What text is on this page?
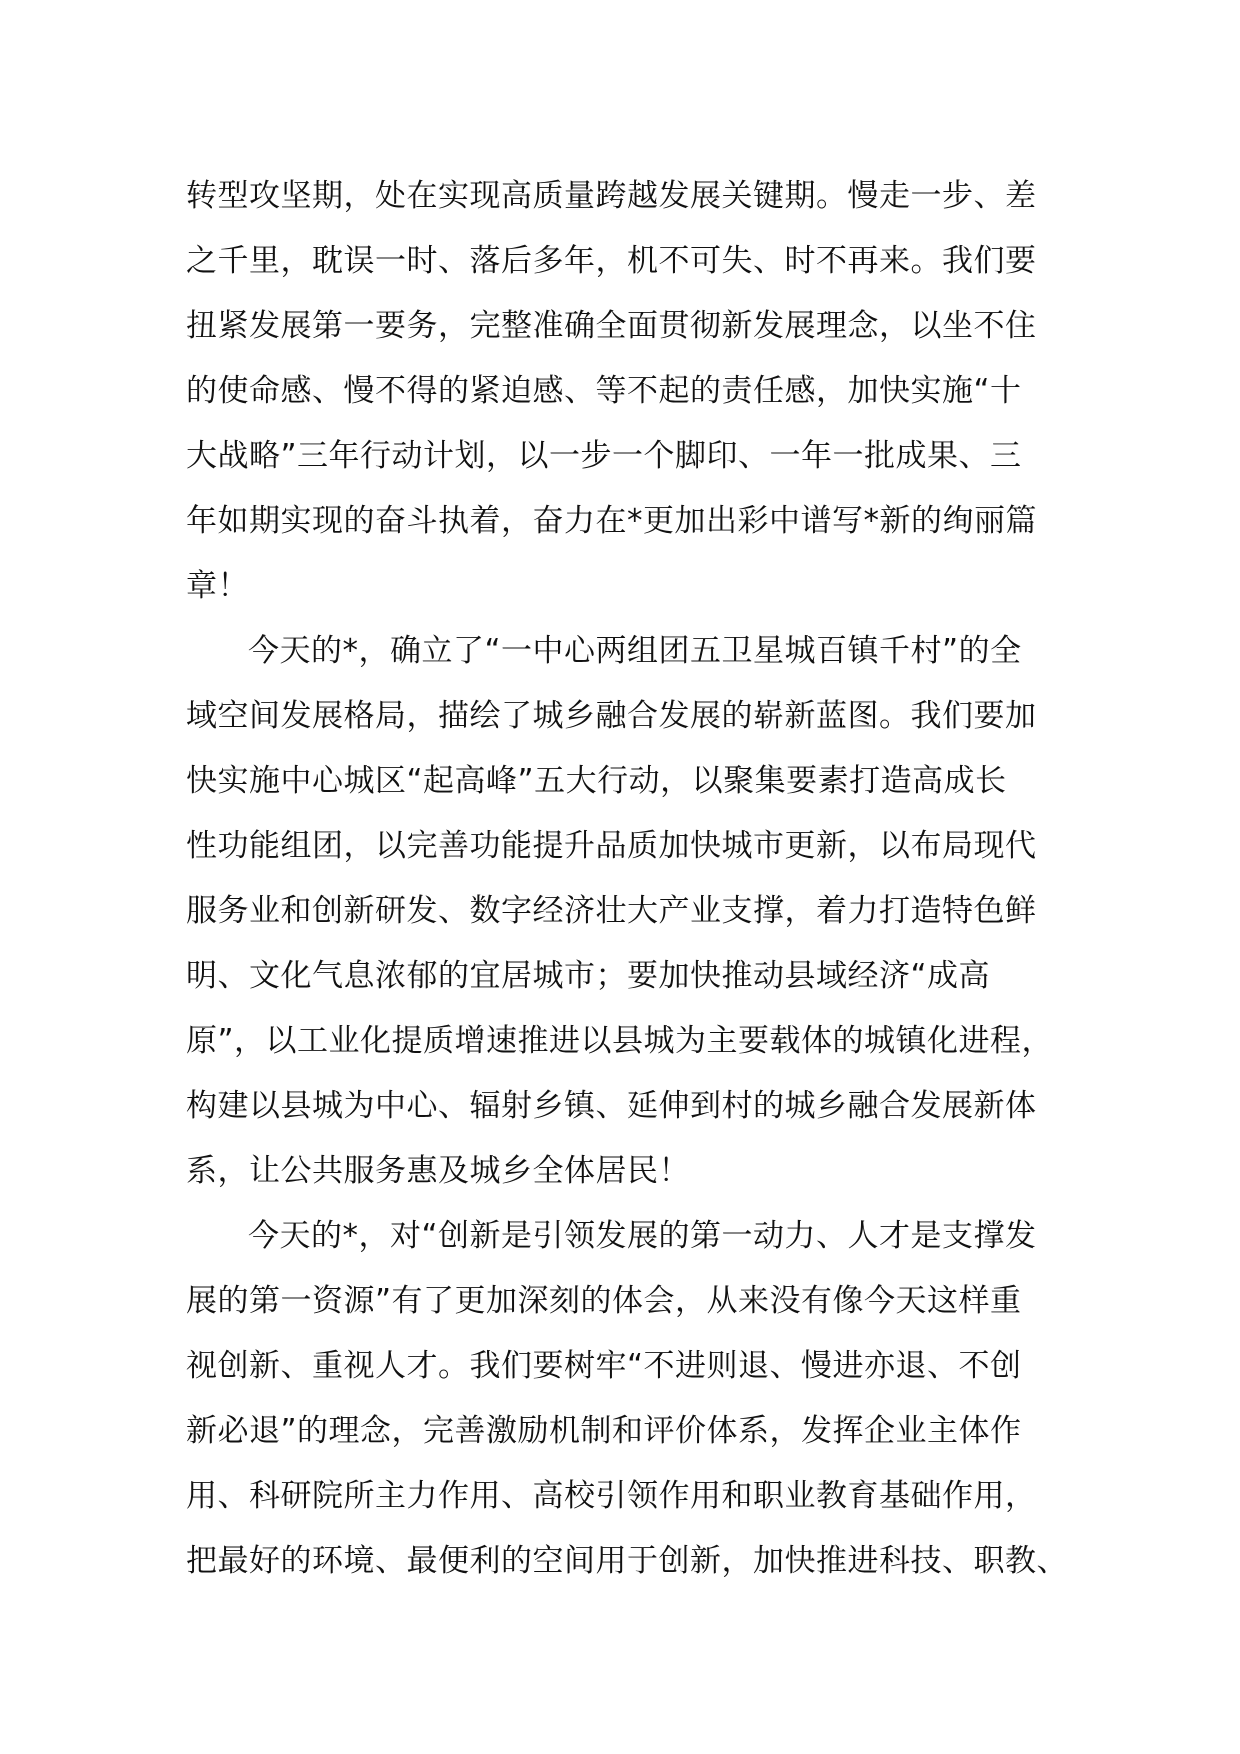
转型攻坚期，处在实现高质量跨越发展关键期。慢走一步、差
之千里，耽误一时、落后多年，机不可失、时不再来。我们要
扭紧发展第一要务，完整准确全面贯彻新发展理念，以坐不住
的使命感、慢不得的紧迫感、等不起的责任感，加快实施“十
大战略”三年行动计划，以一步一个脚印、一年一批成果、三
年如期实现的奋斗执着，奋力在*更加出彩中谱写*新的绚丽篇
章！
今天的*，确立了“一中心两组团五卫星城百镇千村”的全
域空间发展格局，描绘了城乡融合发展的崭新蓝图。我们要加
快实施中心城区“起高峰”五大行动，以聚集要素打造高成长
性功能组团，以完善功能提升品质加快城市更新，以布局现代
服务业和创新研发、数字经济壮大产业支撑，着力打造特色鲜
明、文化气息浓郁的宜居城市；要加快推动县域经济“成高
原”，以工业化提质增速推进以县城为主要载体的城镇化进程，
构建以县城为中心、辐射乡镇、延伸到村的城乡融合发展新体
系，让公共服务惠及城乡全体居民！
今天的*，对“创新是引领发展的第一动力、人才是支撑发
展的第一资源”有了更加深刻的体会，从来没有像今天这样重
视创新、重视人才。我们要树牢“不进则退、慢进亦退、不创
新必退”的理念，完善激励机制和评价体系，发挥企业主体作
用、科研院所主力作用、高校引领作用和职业教育基础作用，
把最好的环境、最便利的空间用于创新，加快推进科技、职教、
